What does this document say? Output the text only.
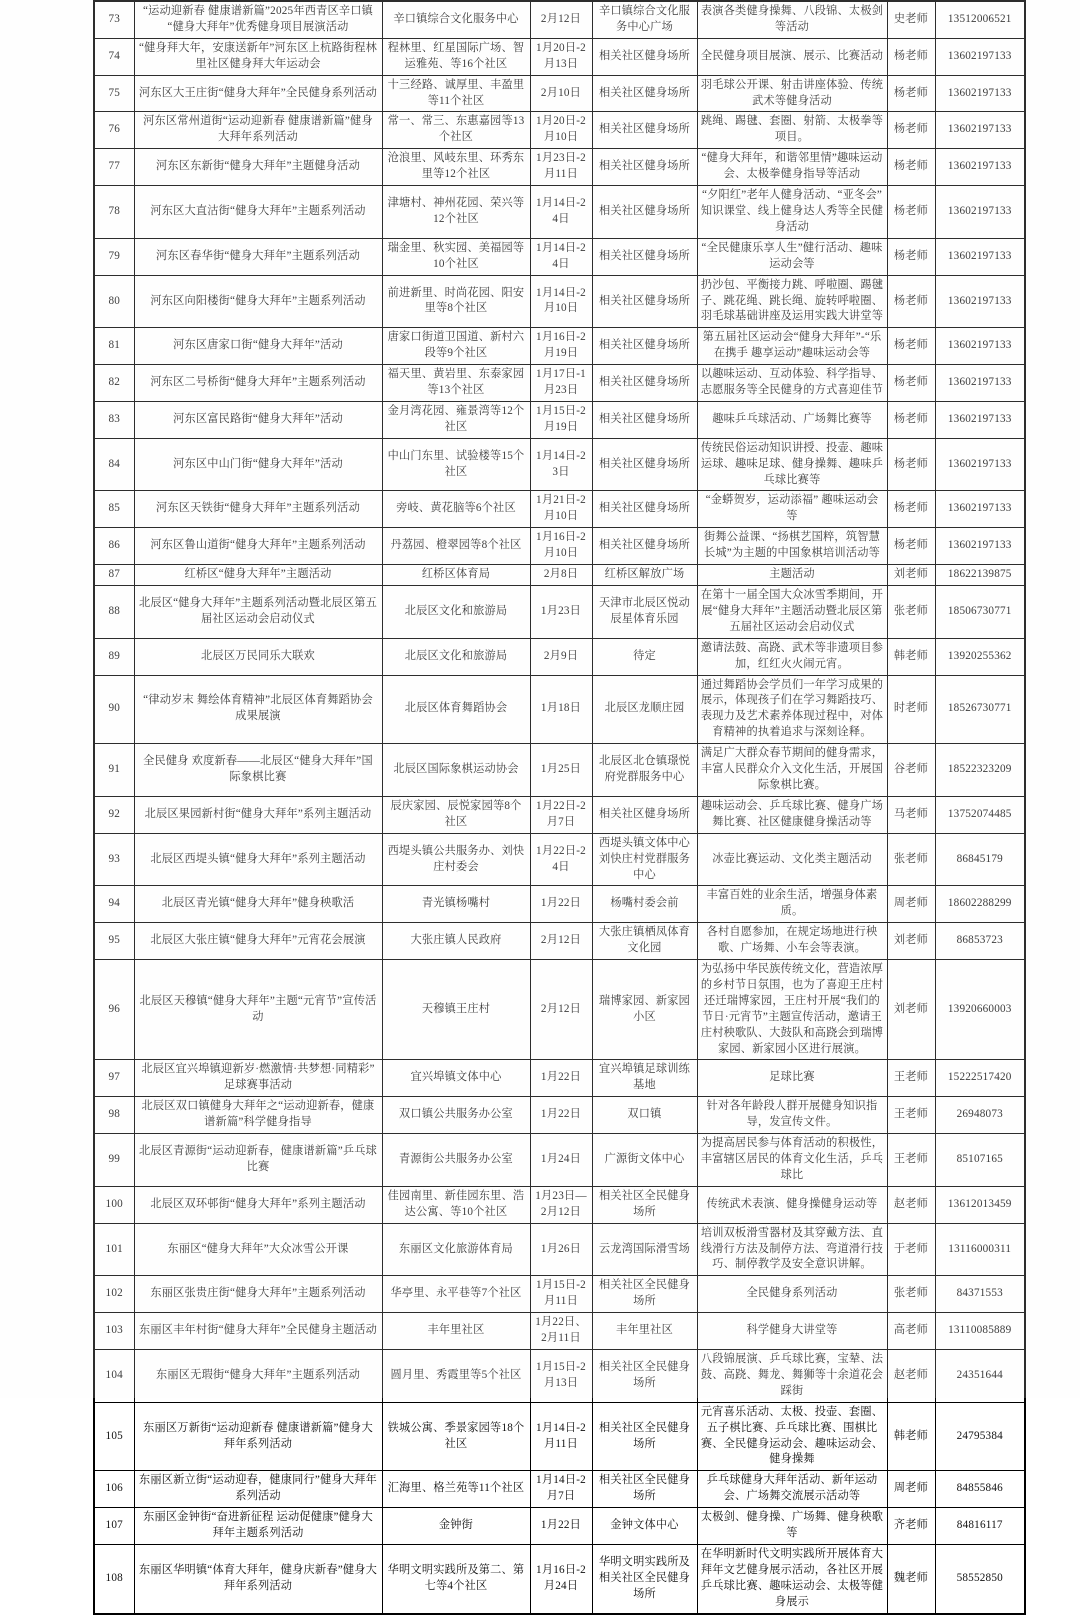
73	“运动迎新春 健康谱新篇”2025年西青区辛口镇“健身大拜年”优秀健身项目展演活动	辛口镇综合文化服务中心	2月12日	辛口镇综合文化服务中心广场	表演各类健身操舞、八段锦、太极剑等活动	史老师	13512006521
74	“健身拜大年，安康送新年”河东区上杭路街程林里社区健身拜大年运动会	程林里、红星国际广场、智运雅苑、等16个社区	1月20日-2月13日	相关社区健身场所	全民健身项目展演、展示、比赛活动	杨老师	13602197133
75	河东区大王庄街“健身大拜年”全民健身系列活动	十三经路、诚厚里、丰盈里等11个社区	2月10日	相关社区健身场所	羽毛球公开课、射击讲座体验、传统武术等健身活动	杨老师	13602197133
76	河东区常州道街“运动迎新春 健康谱新篇”健身大拜年系列活动	常一、常三、东惠嘉园等13个社区	1月20日-2月10日	相关社区健身场所	跳绳、踢毽、套圈、射箭、太极拳等项目。	杨老师	13602197133
77	河东区东新街“健身大拜年”主题健身活动	沧浪里、风岐东里、环秀东里等12个社区	1月23日-2月11日	相关社区健身场所	“健身大拜年，和谐邻里情”趣味运动会、太极拳健身指导等活动	杨老师	13602197133
78	河东区大直沽街“健身大拜年”主题系列活动	津塘村、神州花园、荣兴等12个社区	1月14日-24日	相关社区健身场所	“夕阳红”老年人健身活动、“亚冬会”知识课堂、线上健身达人秀等全民健身活动	杨老师	13602197133
79	河东区春华街“健身大拜年”主题系列活动	瑞金里、秋实园、美福园等10个社区	1月14日-24日	相关社区健身场所	“全民健康乐享人生”健行活动、趣味运动会等	杨老师	13602197133
80	河东区向阳楼街“健身大拜年”主题系列活动	前进新里、时尚花园、阳安里等8个社区	1月14日-2月10日	相关社区健身场所	扔沙包、平衡接力跳、呼啦圈、踢毽子、跳花绳、跳长绳、旋转呼啦圈、羽毛球基础讲座及运用实践大讲堂等	杨老师	13602197133
81	河东区唐家口街“健身大拜年”活动	唐家口街道卫国道、新村六段等9个社区	1月16日-2月19日	相关社区健身场所	第五届社区运动会“健身大拜年”-“乐在携手 趣享运动”趣味运动会等	杨老师	13602197133
82	河东区二号桥街“健身大拜年”主题系列活动	福天里、黄岩里、东泰家园等13个社区	1月17日-1月23日	相关社区健身场所	以趣味运动、互动体验、科学指导、志愿服务等全民健身的方式喜迎佳节	杨老师	13602197133
83	河东区富民路街“健身大拜年”活动	金月湾花园、雍景湾等12个社区	1月15日-2月19日	相关社区健身场所	趣味乒乓球活动、广场舞比赛等	杨老师	13602197133
84	河东区中山门街“健身大拜年”活动	中山门东里、试验楼等15个社区	1月14日-23日	相关社区健身场所	传统民俗运动知识讲授、投壶、趣味运球、趣味足球、健身操舞、趣味乒乓球比赛等	杨老师	13602197133
85	河东区天铁街“健身大拜年”主题系列活动	旁岐、黄花脑等6个社区	1月21日-2月10日	相关社区健身场所	“金蟒贺岁，运动添福” 趣味运动会等	杨老师	13602197133
86	河东区鲁山道街“健身大拜年”主题系列活动	丹荔园、橙翠园等8个社区	1月16日-2月10日	相关社区健身场所	街舞公益课、“扬棋艺国粹，筑智慧长城”为主题的中国象棋培训活动等	杨老师	13602197133
87	红桥区“健身大拜年”主题活动	红桥区体育局	2月8日	红桥区解放广场	主题活动	刘老师	18622139875
88	北辰区“健身大拜年”主题系列活动暨北辰区第五届社区运动会启动仪式	北辰区文化和旅游局	1月23日	天津市北辰区悦动辰星体育乐园	在第十一届全国大众冰雪季期间，开展“健身大拜年”主题活动暨北辰区第五届社区运动会启动仪式	张老师	18506730771
89	北辰区万民同乐大联欢	北辰区文化和旅游局	2月9日	待定	邀请法鼓、高跷、武术等非遗项目参加，红红火火闹元宵。	韩老师	13920255362
90	“律动岁末 舞绘体育精神”北辰区体育舞蹈协会成果展演	北辰区体育舞蹈协会	1月18日	北辰区龙顺庄园	通过舞蹈协会学员们一年学习成果的展示，体现孩子们在学习舞蹈技巧、表现力及艺术素养体现过程中，对体育精神的执着追求与深刻诠释。	时老师	18526730771
91	全民健身 欢度新春——北辰区“健身大拜年”国际象棋比赛	北辰区国际象棋运动协会	1月25日	北辰区北仓镇璟悦府党群服务中心	满足广大群众春节期间的健身需求，丰富人民群众介入文化生活，开展国际象棋比赛。	谷老师	18522323209
92	北辰区果园新村街“健身大拜年”系列主题活动	辰庆家园、辰悦家园等8个社区	1月22日-2月7日	相关社区健身场所	趣味运动会、乒乓球比赛、健身广场舞比赛、社区健康健身操活动等	马老师	13752074485
93	北辰区西堤头镇“健身大拜年”系列主题活动	西堤头镇公共服务办、刘快庄村委会	1月22日-24日	西堤头镇文体中心刘快庄村党群服务中心	冰壶比赛运动、文化类主题活动	张老师	86845179
94	北辰区青光镇“健身大拜年”健身秧歌活	青光镇杨嘴村	1月22日	杨嘴村委会前	丰富百姓的业余生活，增强身体素质。	周老师	18602288299
95	北辰区大张庄镇“健身大拜年”元宵花会展演	大张庄镇人民政府	2月12日	大张庄镇栖凤体育文化园	各村自愿参加，在规定场地进行秧歌、广场舞、小车会等表演。	刘老师	86853723
96	北辰区天穆镇“健身大拜年”主题“元宵节”宣传活动	天穆镇王庄村	2月12日	瑞博家园、新家园小区	为弘扬中华民族传统文化，营造浓厚的乡村节日氛围，也为了喜迎王庄村还迁瑞博家园，王庄村开展“我们的节日·元宵节”主题宣传活动，邀请王庄村秧歌队、大鼓队和高跷会到瑞博家园、新家园小区进行展演。	刘老师	13920660003
97	北辰区宜兴埠镇迎新岁·燃激情·共梦想·同精彩”足球赛事活动	宜兴埠镇文体中心	1月22日	宜兴埠镇足球训练基地	足球比赛	王老师	15222517420
98	北辰区双口镇健身大拜年之“运动迎新春，健康谱新篇”科学健身指导	双口镇公共服务办公室	1月22日	双口镇	针对各年龄段人群开展健身知识指导，发宣传文件。	王老师	26948073
99	北辰区青源街“运动迎新春，健康谱新篇”乒乓球比赛	青源街公共服务办公室	1月24日	广源街文体中心	为提高居民参与体育活动的积极性，丰富辖区居民的体育文化生活，乒乓球比	王老师	85107165
100	北辰区双环邨街“健身大拜年”系列主题活动	佳园南里、新佳园东里、浩达公寓、等10个社区	1月23日—2月12日	相关社区全民健身场所	传统武术表演、健身操健身运动等	赵老师	13612013459
101	东丽区“健身大拜年”大众冰雪公开课	东丽区文化旅游体育局	1月26日	云龙湾国际滑雪场	培训双板滑雪器材及其穿戴方法、直线滑行方法及制停方法、弯道滑行技巧、制停教学及安全意识讲解。	于老师	13116000311
102	东丽区张贵庄街“健身大拜年”主题系列活动	华亭里、永平巷等7个社区	1月15日-2月11日	相关社区全民健身场所	全民健身系列活动	张老师	84371553
103	东丽区丰年村街“健身大拜年”全民健身主题活动	丰年里社区	1月22日、2月11日	丰年里社区	科学健身大讲堂等	高老师	13110085889
104	东丽区无瑕街“健身大拜年”主题系列活动	圆月里、秀霞里等5个社区	1月15日-2月13日	相关社区全民健身场所	八段锦展演、乒乓球比赛，宝辇、法鼓、高跷、舞龙、舞狮等十余道花会踩街	赵老师	24351644
105	东丽区万新街“运动迎新春 健康谱新篇”健身大拜年系列活动	铁城公寓、季景家园等18个社区	1月14日-2月11日	相关社区全民健身场所	元宵喜乐活动、太极、投壶、套圈、五子棋比赛、乒乓球比赛、围棋比赛、全民健身运动会、趣味运动会、健身操舞	韩老师	24795384
106	东丽区新立街“运动迎春，健康同行”健身大拜年系列活动	汇海里、格兰苑等11个社区	1月14日-2月7日	相关社区全民健身场所	乒乓球健身大拜年活动、新年运动会、广场舞交流展示活动等	周老师	84855846
107	东丽区金钟街“奋进新征程 运动促健康”健身大拜年主题系列活动	金钟街	1月22日	金钟文体中心	太极剑、健身操、广场舞、健身秧歌等	齐老师	84816117
108	东丽区华明镇“体育大拜年，健身庆新春”健身大拜年系列活动	华明文明实践所及第二、第七等4个社区	1月16日-2月24日	华明文明实践所及相关社区全民健身场所	在华明新时代文明实践所开展体育大拜年文艺健身展示活动，各社区开展乒乓球比赛、趣味运动会、太极等健身展示	魏老师	58552850
